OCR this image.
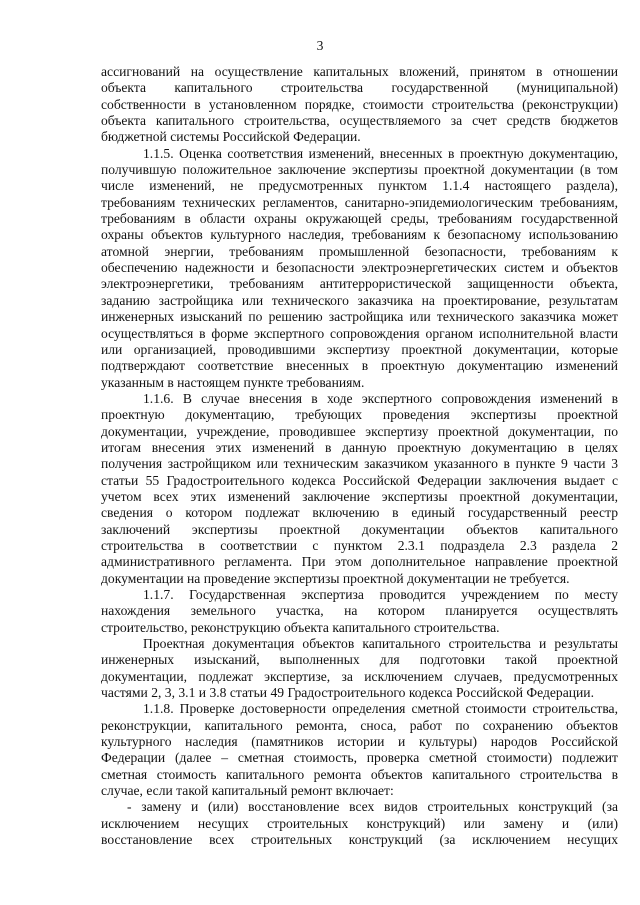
3
ассигнований на осуществление капитальных вложений, принятом в отношении
объекта капитального строительства государственной (муниципальной)
собственности в установленном порядке, стоимости строительства (реконструкции)
объекта капитального строительства, осуществляемого за счет средств бюджетов
бюджетной системы Российской Федерации.
1.1.5. Оценка соответствия изменений, внесенных в проектную документацию,
получившую положительное заключение экспертизы проектной документации (в том
числе изменений, не предусмотренных пунктом 1.1.4 настоящего раздела),
требованиям технических регламентов, санитарно-эпидемиологическим требованиям,
требованиям в области охраны окружающей среды, требованиям государственной
охраны объектов культурного наследия, требованиям к безопасному использованию
атомной энергии, требованиям промышленной безопасности, требованиям к
обеспечению надежности и безопасности электроэнергетических систем и объектов
электроэнергетики, требованиям антитеррористической защищенности объекта,
заданию застройщика или технического заказчика на проектирование, результатам
инженерных изысканий по решению застройщика или технического заказчика может
осуществляться в форме экспертного сопровождения органом исполнительной власти
или организацией, проводившими экспертизу проектной документации, которые
подтверждают соответствие внесенных в проектную документацию изменений
указанным в настоящем пункте требованиям.
1.1.6. В случае внесения в ходе экспертного сопровождения изменений в
проектную документацию, требующих проведения экспертизы проектной
документации, учреждение, проводившее экспертизу проектной документации, по
итогам внесения этих изменений в данную проектную документацию в целях
получения застройщиком или техническим заказчиком указанного в пункте 9 части 3
статьи 55 Градостроительного кодекса Российской Федерации заключения выдает с
учетом всех этих изменений заключение экспертизы проектной документации,
сведения о котором подлежат включению в единый государственный реестр
заключений экспертизы проектной документации объектов капитального
строительства в соответствии с пунктом 2.3.1 подраздела 2.3 раздела 2
административного регламента. При этом дополнительное направление проектной
документации на проведение экспертизы проектной документации не требуется.
1.1.7. Государственная экспертиза проводится учреждением по месту
нахождения земельного участка, на котором планируется осуществлять
строительство, реконструкцию объекта капитального строительства.
Проектная документация объектов капитального строительства и результаты
инженерных изысканий, выполненных для подготовки такой проектной
документации, подлежат экспертизе, за исключением случаев, предусмотренных
частями 2, 3, 3.1 и 3.8 статьи 49 Градостроительного кодекса Российской Федерации.
1.1.8. Проверке достоверности определения сметной стоимости строительства,
реконструкции, капитального ремонта, сноса, работ по сохранению объектов
культурного наследия (памятников истории и культуры) народов Российской
Федерации (далее – сметная стоимость, проверка сметной стоимости) подлежит
сметная стоимость капитального ремонта объектов капитального строительства в
случае, если такой капитальный ремонт включает:
- замену и (или) восстановление всех видов строительных конструкций (за
исключением несущих строительных конструкций) или замену и (или)
восстановление всех строительных конструкций (за исключением несущих
